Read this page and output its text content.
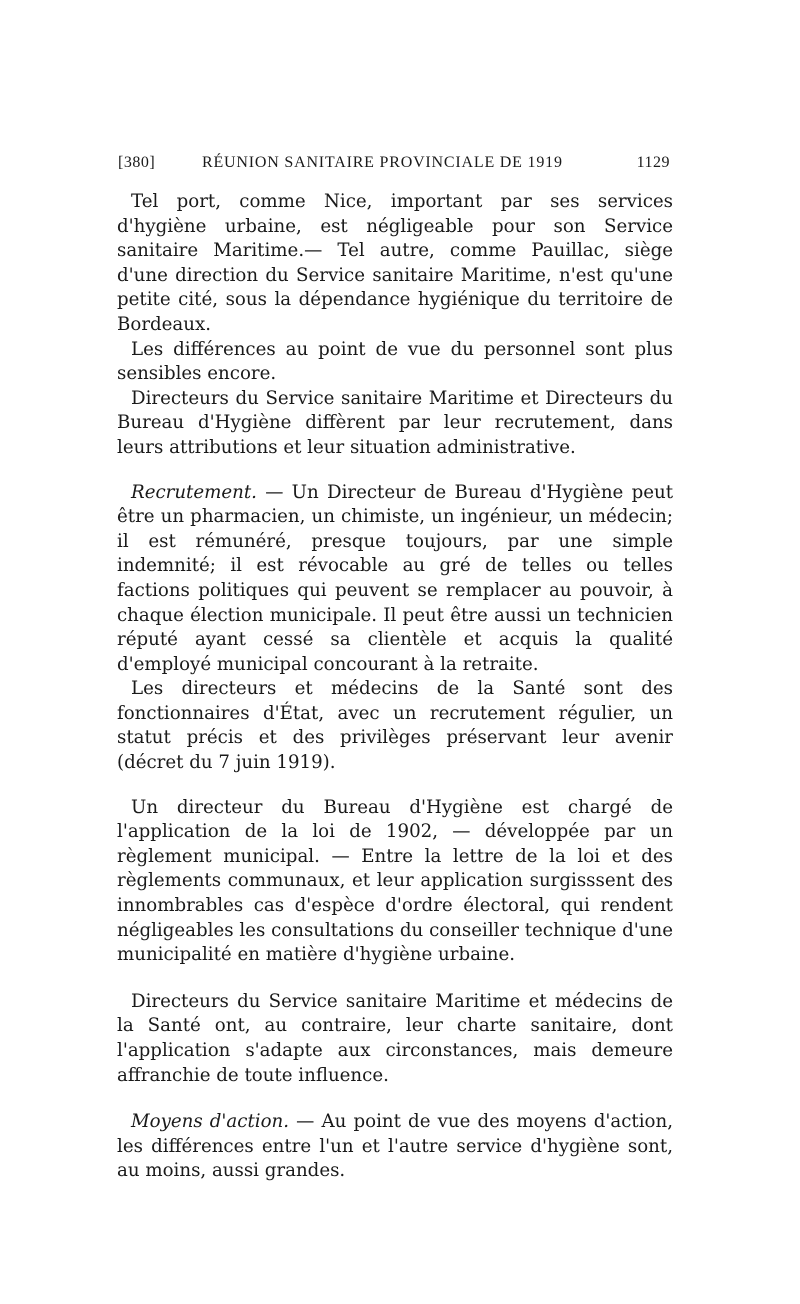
[380]	RÉUNION SANITAIRE PROVINCIALE DE 1919	1129

Tel port, comme Nice, important par ses services d'hygiène urbaine, est négligeable pour son Service sanitaire Maritime.— Tel autre, comme Pauillac, siège d'une direction du Service sanitaire Maritime, n'est qu'une petite cité, sous la dépendance hygiénique du territoire de Bordeaux.

Les différences au point de vue du personnel sont plus sensibles encore.

Directeurs du Service sanitaire Maritime et Directeurs du Bureau d'Hygiène diffèrent par leur recrutement, dans leurs attributions et leur situation administrative.

Recrutement. — Un Directeur de Bureau d'Hygiène peut être un pharmacien, un chimiste, un ingénieur, un médecin; il est rémunéré, presque toujours, par une simple indemnité; il est révocable au gré de telles ou telles factions politiques qui peuvent se remplacer au pouvoir, à chaque élection municipale. Il peut être aussi un technicien réputé ayant cessé sa clientèle et acquis la qualité d'employé municipal concourant à la retraite.

Les directeurs et médecins de la Santé sont des fonctionnaires d'État, avec un recrutement régulier, un statut précis et des privilèges préservant leur avenir (décret du 7 juin 1919).

Un directeur du Bureau d'Hygiène est chargé de l'application de la loi de 1902, — développée par un règlement municipal. — Entre la lettre de la loi et des règlements communaux, et leur application surgisssent des innombrables cas d'espèce d'ordre électoral, qui rendent négligeables les consultations du conseiller technique d'une municipalité en matière d'hygiène urbaine.

Directeurs du Service sanitaire Maritime et médecins de la Santé ont, au contraire, leur charte sanitaire, dont l'application s'adapte aux circonstances, mais demeure affranchie de toute influence.

Moyens d'action. — Au point de vue des moyens d'action, les différences entre l'un et l'autre service d'hygiène sont, au moins, aussi grandes.
